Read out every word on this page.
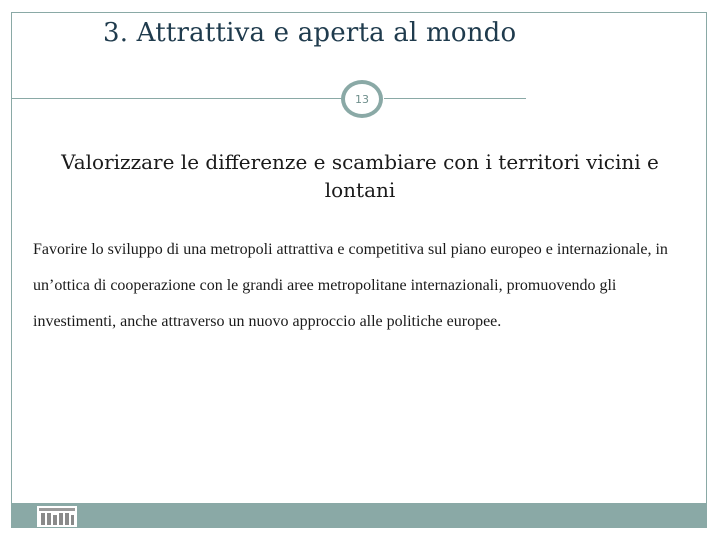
3. Attrattiva e aperta al mondo
13
Valorizzare le differenze e scambiare con i territori vicini e lontani
Favorire lo sviluppo di una metropoli attrattiva e competitiva sul piano europeo e internazionale, in un’ottica di cooperazione con le grandi aree metropolitane internazionali, promuovendo gli investimenti, anche attraverso un nuovo approccio alle politiche europee.
